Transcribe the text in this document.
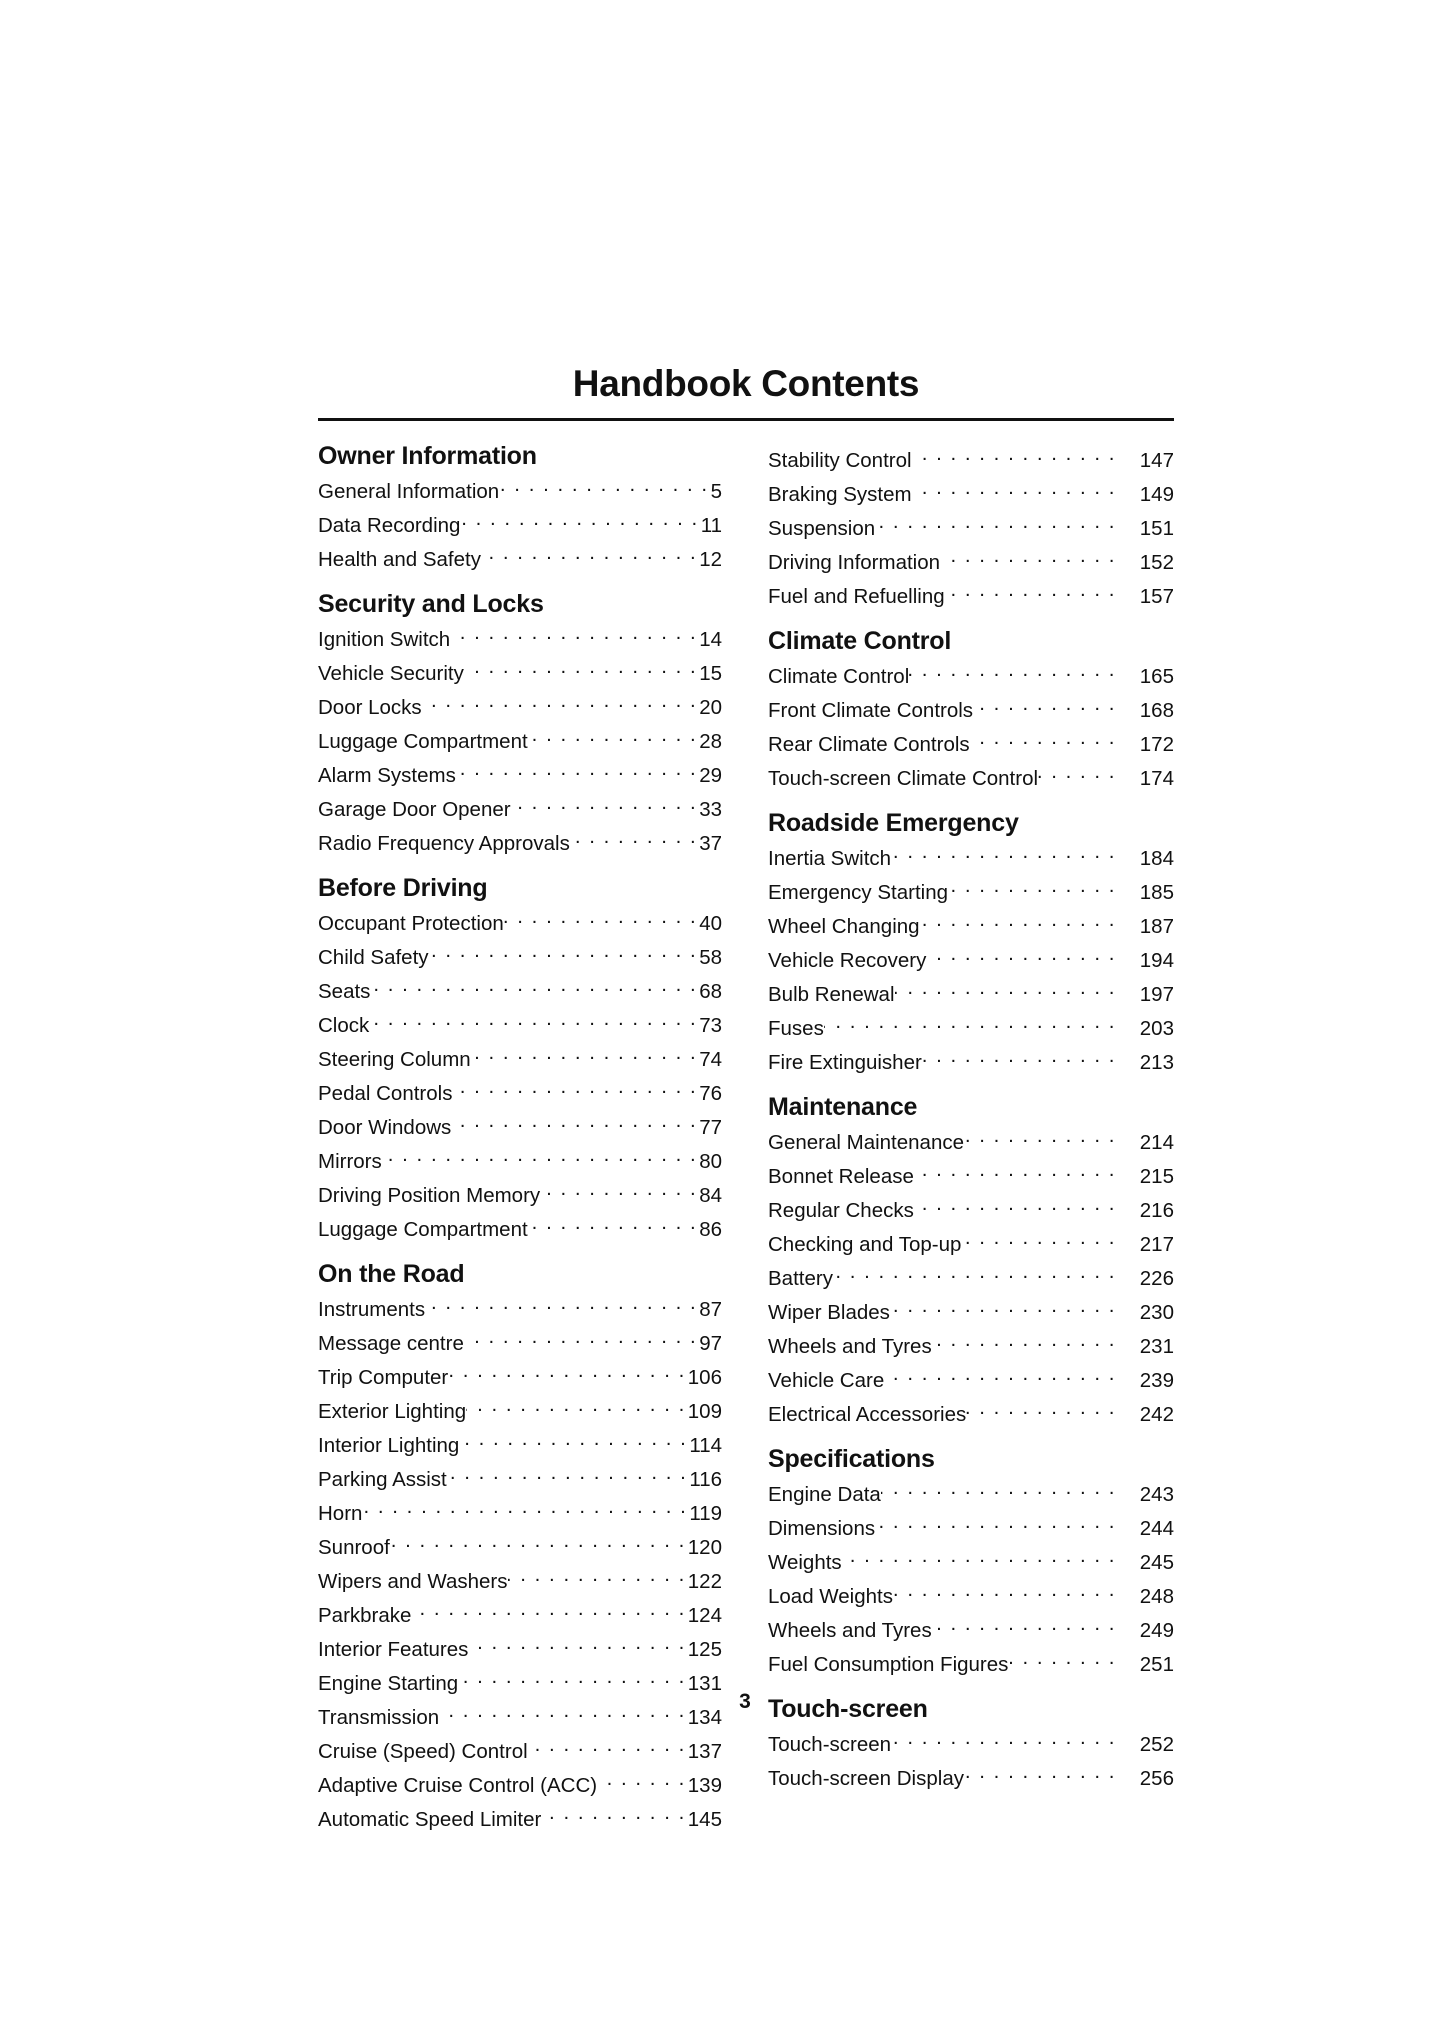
Handbook Contents
Owner Information
General Information . . .	5
Data Recording . . .	11
Health and Safety . . .	12
Security and Locks
Ignition Switch . . .	14
Vehicle Security . . .	15
Door Locks . . .	20
Luggage Compartment . . .	28
Alarm Systems . . .	29
Garage Door Opener . . .	33
Radio Frequency Approvals . . .	37
Before Driving
Occupant Protection . . .	40
Child Safety . . .	58
Seats . . .	68
Clock . . .	73
Steering Column . . .	74
Pedal Controls . . .	76
Door Windows . . .	77
Mirrors . . .	80
Driving Position Memory . . .	84
Luggage Compartment . . .	86
On the Road
Instruments . . .	87
Message centre . . .	97
Trip Computer . . .	106
Exterior Lighting . . .	109
Interior Lighting . . .	114
Parking Assist . . .	116
Horn . . .	119
Sunroof . . .	120
Wipers and Washers . . .	122
Parkbrake . . .	124
Interior Features . . .	125
Engine Starting . . .	131
Transmission . . .	134
Cruise (Speed) Control . . .	137
Adaptive Cruise Control (ACC) . . .	139
Automatic Speed Limiter . . .	145
Stability Control . . .	147
Braking System . . .	149
Suspension . . .	151
Driving Information . . .	152
Fuel and Refuelling . . .	157
Climate Control
Climate Control . . .	165
Front Climate Controls . . .	168
Rear Climate Controls . . .	172
Touch-screen Climate Control . . .	174
Roadside Emergency
Inertia Switch . . .	184
Emergency Starting . . .	185
Wheel Changing . . .	187
Vehicle Recovery . . .	194
Bulb Renewal . . .	197
Fuses . . .	203
Fire Extinguisher . . .	213
Maintenance
General Maintenance . . .	214
Bonnet Release . . .	215
Regular Checks . . .	216
Checking and Top-up . . .	217
Battery . . .	226
Wiper Blades . . .	230
Wheels and Tyres . . .	231
Vehicle Care . . .	239
Electrical Accessories . . .	242
Specifications
Engine Data . . .	243
Dimensions . . .	244
Weights . . .	245
Load Weights . . .	248
Wheels and Tyres . . .	249
Fuel Consumption Figures . . .	251
Touch-screen
Touch-screen . . .	252
Touch-screen Display . . .	256
3
